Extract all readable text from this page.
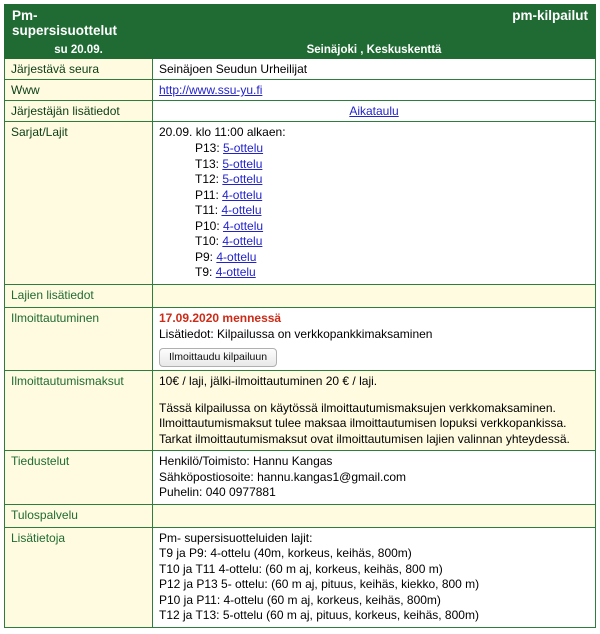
Pm- supersisuottelut	pm-kilpailut
su 20.09.	Seinäjoki , Keskuskenttä
Järjestävä seura	Seinäjoen Seudun Urheilijat
Www	http://www.ssu-yu.fi
Järjestäjän lisätiedot	Aikataulu
Sarjat/Lajit	20.09. klo 11:00 alkaen:
P13: 5-ottelu
T13: 5-ottelu
T12: 5-ottelu
P11: 4-ottelu
T11: 4-ottelu
P10: 4-ottelu
T10: 4-ottelu
P9: 4-ottelu
T9: 4-ottelu

Lajien lisätiedot	
Ilmoittautuminen	17.09.2020 mennessä
Lisätiedot: Kilpailussa on verkkopankkimaksaminen
Ilmoittaudu kilpailuun
Ilmoittautumismaksut	10€ / laji, jälki-ilmoittautuminen 20 € / laji.
Tässä kilpailussa on käytössä ilmoittautumismaksujen verkkomaksaminen. Ilmoittautumismaksut tulee maksaa ilmoittautumisen lopuksi verkkopankissa. Tarkat ilmoittautumismaksut ovat ilmoittautumisen lajien valinnan yhteydessä.

Tiedustelut	Henkilö/Toimisto: Hannu Kangas
Sähköpostiosoite: hannu.kangas1@gmail.com
Puhelin: 040 0977881

Tulospalvelu	
Lisätietoja	Pm- supersisuotteluiden lajit:
T9 ja P9: 4-ottelu (40m, korkeus, keihäs, 800m)
T10 ja T11 4-ottelu: (60 m aj, korkeus, keihäs, 800 m)
P12 ja P13 5- ottelu: (60 m aj, pituus, keihäs, kiekko, 800 m)
P10 ja P11: 4-ottelu (60 m aj, korkeus, keihäs, 800m)
T12 ja T13: 5-ottelu (60 m aj, pituus, korkeus, keihäs, 800m)
